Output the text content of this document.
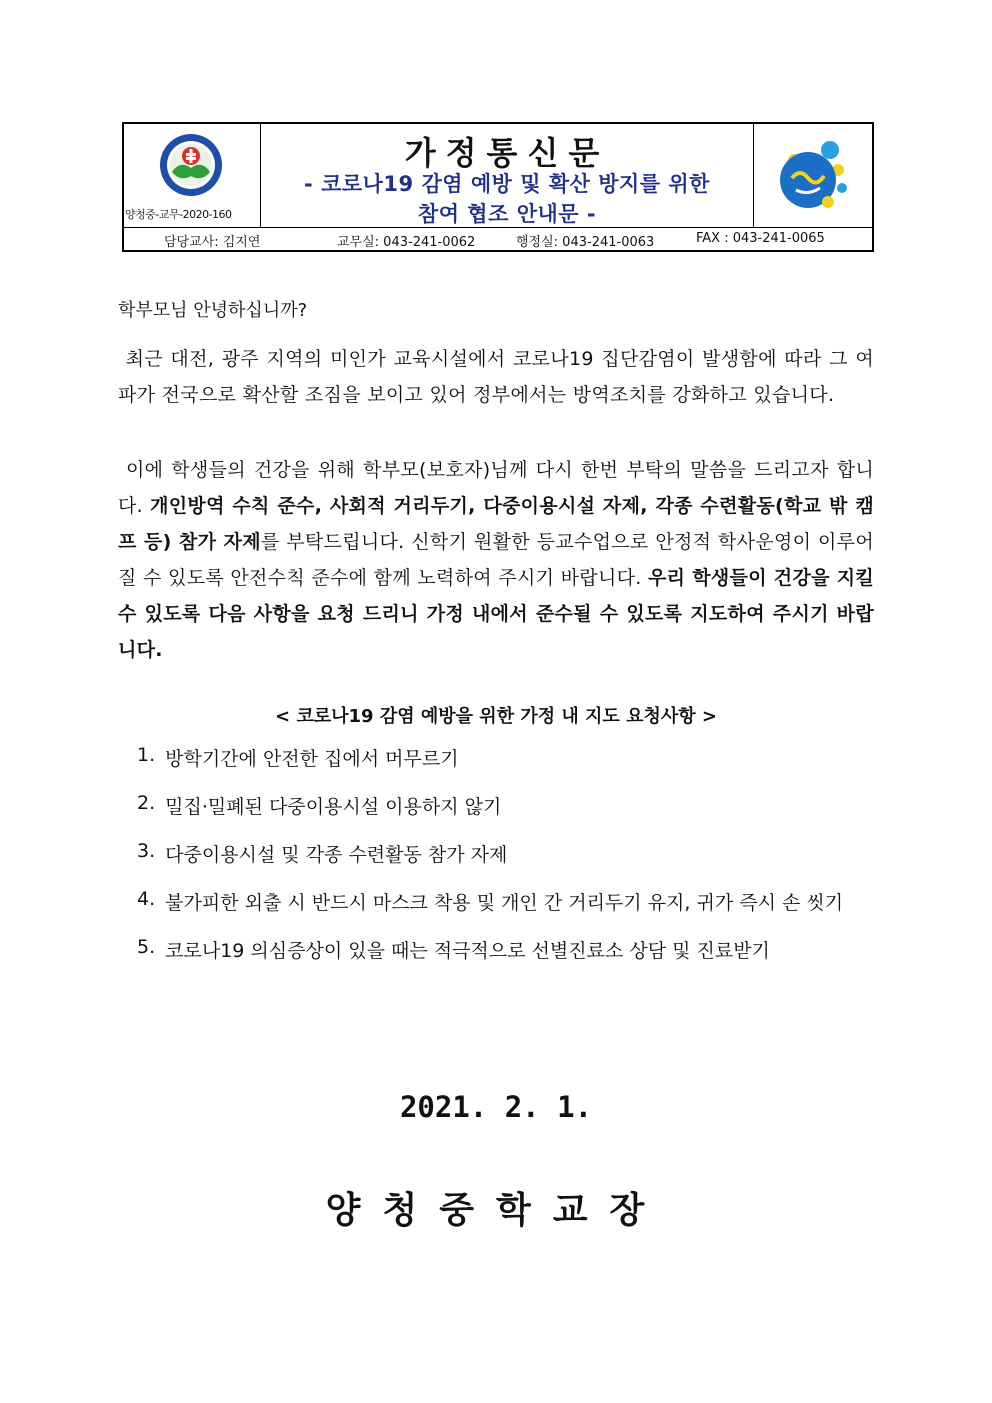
양청중-교무-2020-160
가정통신문
- 코로나19 감염 예방 및 확산 방지를 위한
참여 협조 안내문 -
담당교사: 김지연	교무실: 043-241-0062	행정실: 043-241-0063	FAX : 043-241-0065
학부모님 안녕하십니까?
최근 대전, 광주 지역의 미인가 교육시설에서 코로나19 집단감염이 발생함에 따라 그 여파가 전국으로 확산할 조짐을 보이고 있어 정부에서는 방역조치를 강화하고 있습니다.
이에 학생들의 건강을 위해 학부모(보호자)님께 다시 한번 부탁의 말씀을 드리고자 합니다. 개인방역 수칙 준수, 사회적 거리두기, 다중이용시설 자제, 각종 수련활동(학교 밖 캠프 등) 참가 자제를 부탁드립니다. 신학기 원활한 등교수업으로 안정적 학사운영이 이루어질 수 있도록 안전수칙 준수에 함께 노력하여 주시기 바랍니다. 우리 학생들이 건강을 지킬 수 있도록 다음 사항을 요청 드리니 가정 내에서 준수될 수 있도록 지도하여 주시기 바랍니다.
< 코로나19 감염 예방을 위한 가정 내 지도 요청사항 >
1. 방학기간에 안전한 집에서 머무르기
2. 밀집·밀폐된 다중이용시설 이용하지 않기
3. 다중이용시설 및 각종 수련활동 참가 자제
4. 불가피한 외출 시 반드시 마스크 착용 및 개인 간 거리두기 유지, 귀가 즉시 손 씻기
5. 코로나19 의심증상이 있을 때는 적극적으로 선별진료소 상담 및 진료받기
2021. 2. 1.
양청중학교장
